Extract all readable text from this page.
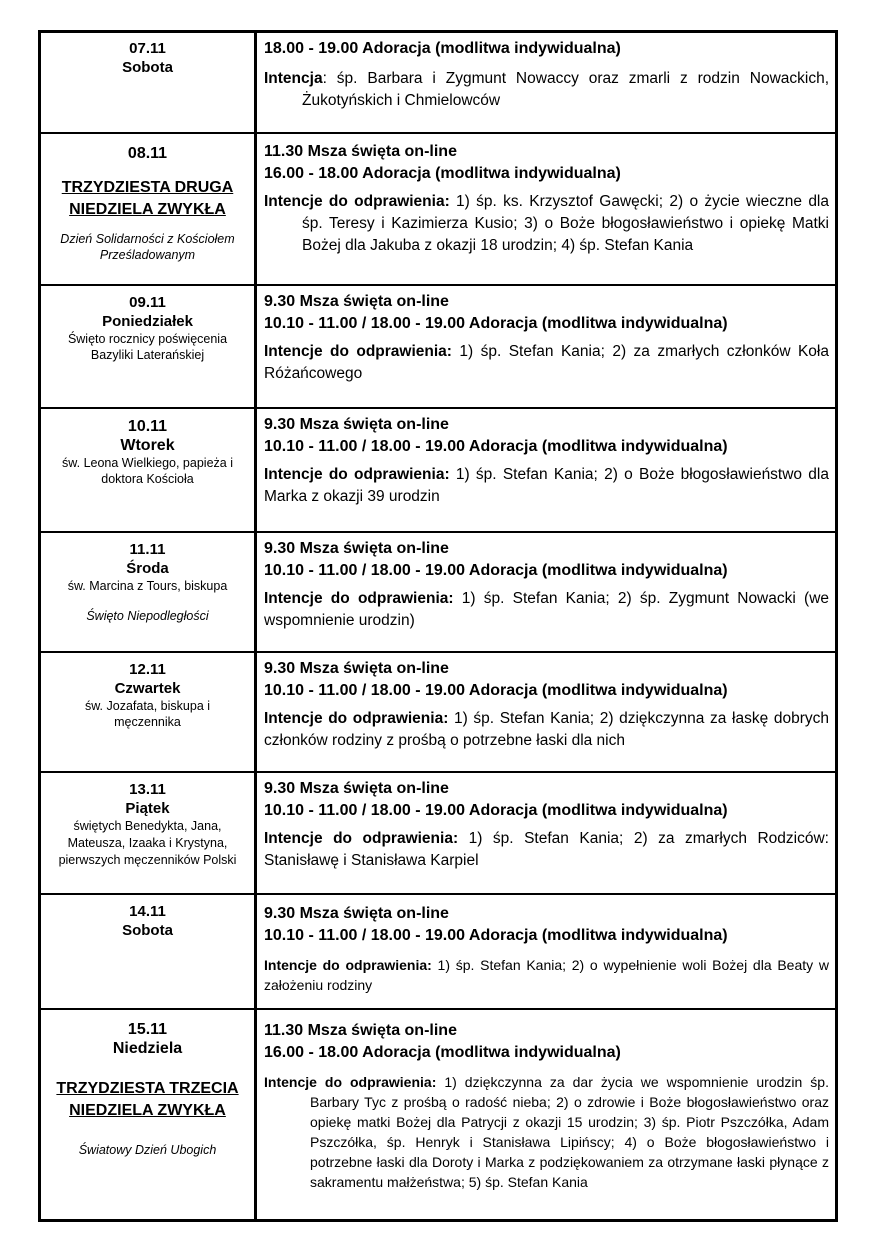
07.11
Sobota
18.00 - 19.00 Adoracja (modlitwa indywidualna)
Intencja: śp. Barbara i Zygmunt Nowaccy oraz zmarli z rodzin Nowackich, Żukotyńskich i Chmielowców
08.11
TRZYDZIESTA DRUGA NIEDZIELA ZWYKŁA
Dzień Solidarności z Kościołem Prześladowanym
11.30 Msza święta on-line
16.00 - 18.00 Adoracja (modlitwa indywidualna)
Intencje do odprawienia: 1) śp. ks. Krzysztof Gawęcki; 2) o życie wieczne dla śp. Teresy i Kazimierza Kusio; 3) o Boże błogosławieństwo i opiekę Matki Bożej dla Jakuba z okazji 18 urodzin; 4) śp. Stefan Kania
09.11
Poniedziałek
Święto rocznicy poświęcenia Bazyliki Laterańskiej
9.30 Msza święta on-line
10.10 - 11.00 / 18.00 - 19.00 Adoracja (modlitwa indywidualna)
Intencje do odprawienia: 1) śp. Stefan Kania; 2) za zmarłych członków Koła Różańcowego
10.11
Wtorek
św. Leona Wielkiego, papieża i doktora Kościoła
9.30 Msza święta on-line
10.10 - 11.00 / 18.00 - 19.00 Adoracja (modlitwa indywidualna)
Intencje do odprawienia: 1) śp. Stefan Kania; 2) o Boże błogosławieństwo dla Marka z okazji 39 urodzin
11.11
Środa
św. Marcina z Tours, biskupa
Święto Niepodległości
9.30 Msza święta on-line
10.10 - 11.00 / 18.00 - 19.00 Adoracja (modlitwa indywidualna)
Intencje do odprawienia: 1) śp. Stefan Kania; 2) śp. Zygmunt Nowacki (we wspomnienie urodzin)
12.11
Czwartek
św. Jozafata, biskupa i męczennika
9.30 Msza święta on-line
10.10 - 11.00 / 18.00 - 19.00 Adoracja (modlitwa indywidualna)
Intencje do odprawienia: 1) śp. Stefan Kania; 2) dziękczynna za łaskę dobrych członków rodziny z prośbą o potrzebne łaski dla nich
13.11
Piątek
świętych Benedykta, Jana, Mateusza, Izaaka i Krystyna, pierwszych męczenników Polski
9.30 Msza święta on-line
10.10 - 11.00 / 18.00 - 19.00 Adoracja (modlitwa indywidualna)
Intencje do odprawienia: 1) śp. Stefan Kania; 2) za zmarłych Rodziców: Stanisławę i Stanisława Karpiel
14.11
Sobota
9.30 Msza święta on-line
10.10 - 11.00 / 18.00 - 19.00 Adoracja (modlitwa indywidualna)
Intencje do odprawienia: 1) śp. Stefan Kania; 2) o wypełnienie woli Bożej dla Beaty w założeniu rodziny
15.11
Niedziela
TRZYDZIESTA TRZECIA NIEDZIELA ZWYKŁA
Światowy Dzień Ubogich
11.30 Msza święta on-line
16.00 - 18.00 Adoracja (modlitwa indywidualna)
Intencje do odprawienia: 1) dziękczynna za dar życia we wspomnienie urodzin śp. Barbary Tyc z prośbą o radość nieba; 2) o zdrowie i Boże błogosławieństwo oraz opiekę matki Bożej dla Patrycji z okazji 15 urodzin; 3) śp. Piotr Pszczółka, Adam Pszczółka, śp. Henryk i Stanisława Lipińscy; 4) o Boże błogosławieństwo i potrzebne łaski dla Doroty i Marka z podziękowaniem za otrzymane łaski płynące z sakramentu małżeństwa; 5) śp. Stefan Kania
